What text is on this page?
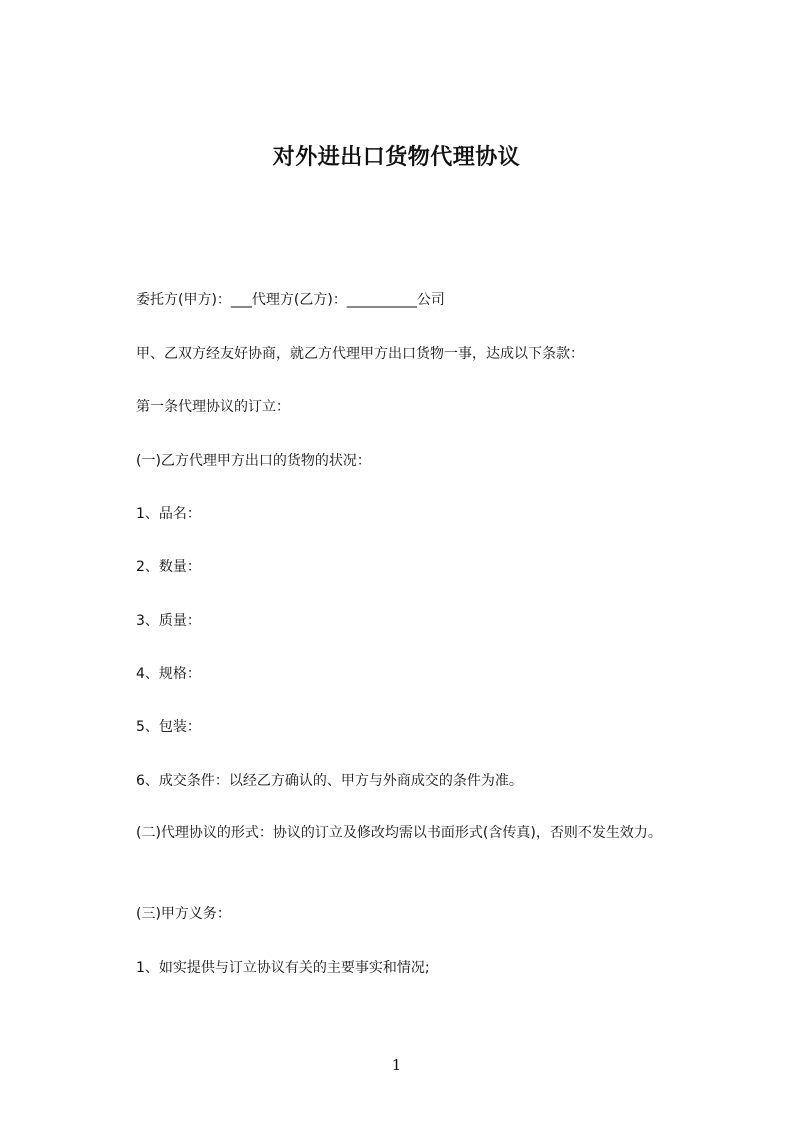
对外进出口货物代理协议
委托方(甲方)：___代理方(乙方)：__________公司
甲、乙双方经友好协商，就乙方代理甲方出口货物一事，达成以下条款：
第一条代理协议的订立：
(一)乙方代理甲方出口的货物的状况：
1、品名：
2、数量：
3、质量：
4、规格：
5、包装：
6、成交条件：以经乙方确认的、甲方与外商成交的条件为准。
(二)代理协议的形式：协议的订立及修改均需以书面形式(含传真)，否则不发生效力。
(三)甲方义务：
1、如实提供与订立协议有关的主要事实和情况;
1
